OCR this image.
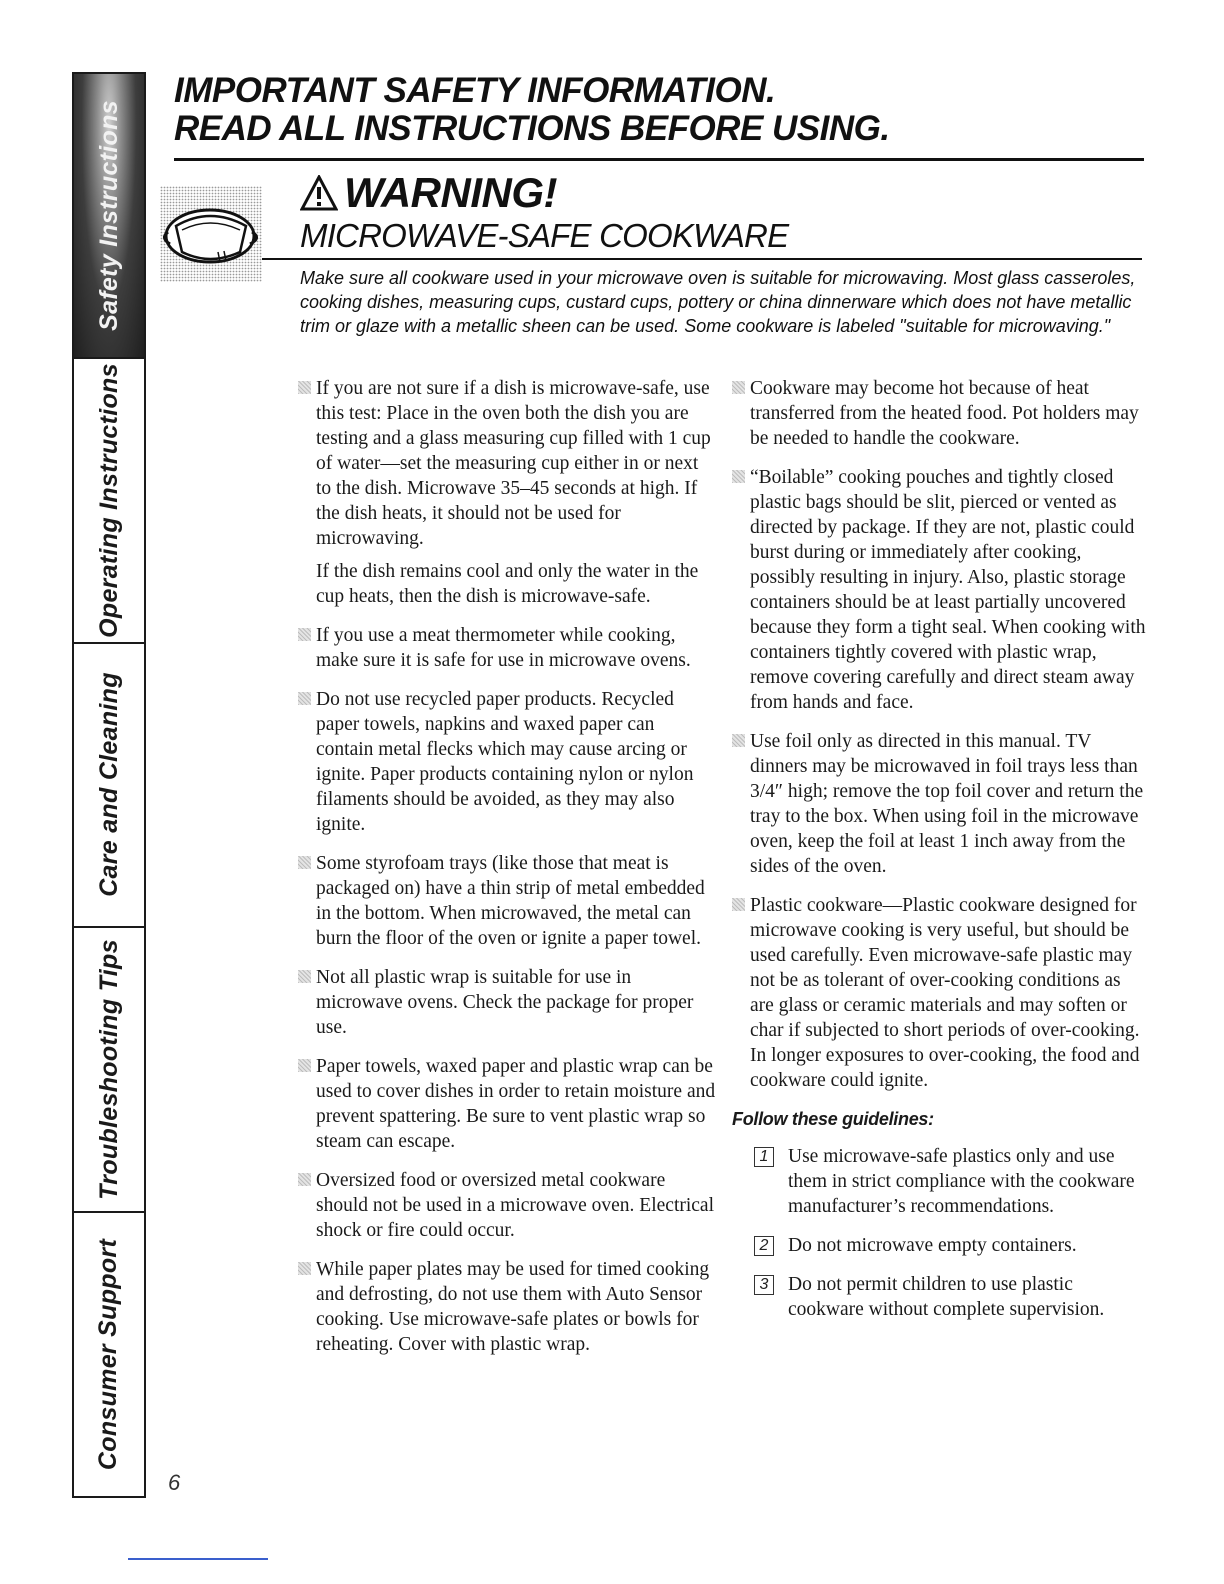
Safety Instructions
Operating Instructions
Care and Cleaning
Troubleshooting Tips
Consumer Support
IMPORTANT SAFETY INFORMATION.
READ ALL INSTRUCTIONS BEFORE USING.
WARNING!
MICROWAVE-SAFE COOKWARE

Make sure all cookware used in your microwave oven is suitable for microwaving. Most glass casseroles, cooking dishes, measuring cups, custard cups, pottery or china dinnerware which does not have metallic trim or glaze with a metallic sheen can be used. Some cookware is labeled "suitable for microwaving."

If you are not sure if a dish is microwave-safe, use this test: Place in the oven both the dish you are testing and a glass measuring cup filled with 1 cup of water—set the measuring cup either in or next to the dish. Microwave 35–45 seconds at high. If the dish heats, it should not be used for microwaving.
If the dish remains cool and only the water in the cup heats, then the dish is microwave-safe.
If you use a meat thermometer while cooking, make sure it is safe for use in microwave ovens.
Do not use recycled paper products. Recycled paper towels, napkins and waxed paper can contain metal flecks which may cause arcing or ignite. Paper products containing nylon or nylon filaments should be avoided, as they may also ignite.
Some styrofoam trays (like those that meat is packaged on) have a thin strip of metal embedded in the bottom. When microwaved, the metal can burn the floor of the oven or ignite a paper towel.
Not all plastic wrap is suitable for use in microwave ovens. Check the package for proper use.
Paper towels, waxed paper and plastic wrap can be used to cover dishes in order to retain moisture and prevent spattering. Be sure to vent plastic wrap so steam can escape.
Oversized food or oversized metal cookware should not be used in a microwave oven. Electrical shock or fire could occur.
While paper plates may be used for timed cooking and defrosting, do not use them with Auto Sensor cooking. Use microwave-safe plates or bowls for reheating. Cover with plastic wrap.
Cookware may become hot because of heat transferred from the heated food. Pot holders may be needed to handle the cookware.
“Boilable” cooking pouches and tightly closed plastic bags should be slit, pierced or vented as directed by package. If they are not, plastic could burst during or immediately after cooking, possibly resulting in injury. Also, plastic storage containers should be at least partially uncovered because they form a tight seal. When cooking with containers tightly covered with plastic wrap, remove covering carefully and direct steam away from hands and face.
Use foil only as directed in this manual. TV dinners may be microwaved in foil trays less than 3/4″ high; remove the top foil cover and return the tray to the box. When using foil in the microwave oven, keep the foil at least 1 inch away from the sides of the oven.
Plastic cookware—Plastic cookware designed for microwave cooking is very useful, but should be used carefully. Even microwave-safe plastic may not be as tolerant of over-cooking conditions as are glass or ceramic materials and may soften or char if subjected to short periods of over-cooking. In longer exposures to over-cooking, the food and cookware could ignite.
Follow these guidelines:
1 Use microwave-safe plastics only and use them in strict compliance with the cookware manufacturer’s recommendations.
2 Do not microwave empty containers.
3 Do not permit children to use plastic cookware without complete supervision.
6
